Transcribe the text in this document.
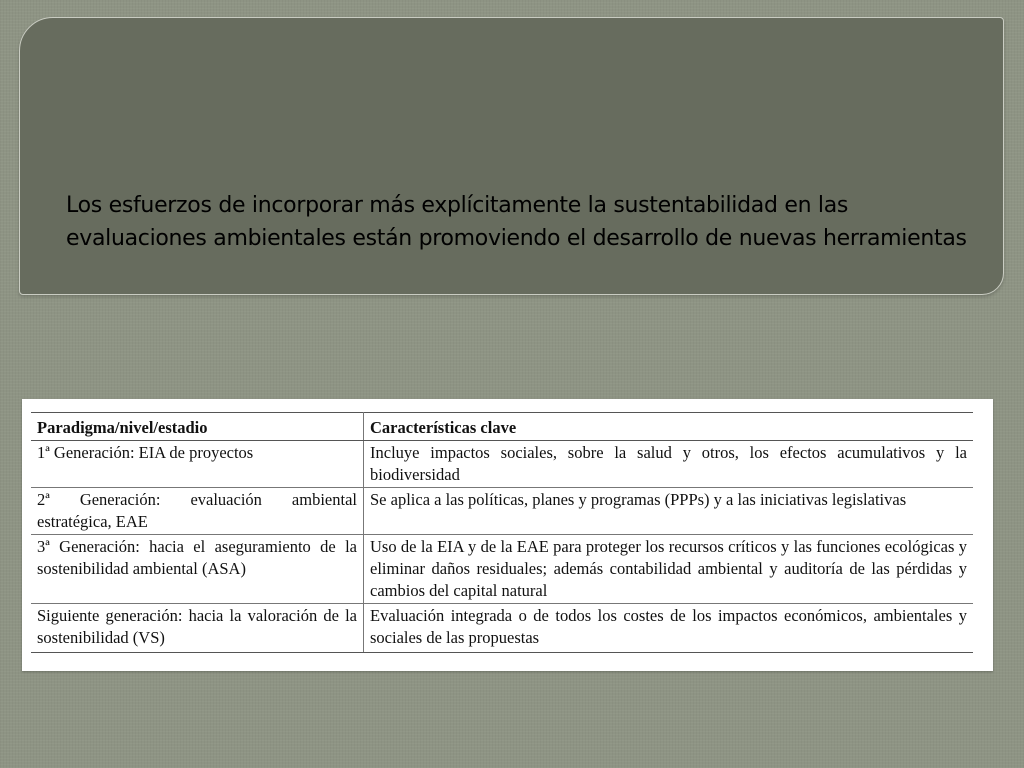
Los esfuerzos de incorporar más explícitamente la sustentabilidad en las evaluaciones ambientales están promoviendo el desarrollo de nuevas herramientas

Paradigma/nivel/estadio	Características clave
1ª Generación: EIA de proyectos	Incluye impactos sociales, sobre la salud y otros, los efectos acumulativos y la biodiversidad
2ª Generación: evaluación ambiental estratégica, EAE	Se aplica a las políticas, planes y programas (PPPs) y a las iniciativas legislativas
3ª Generación: hacia el aseguramiento de la sostenibilidad ambiental (ASA)	Uso de la EIA y de la EAE para proteger los recursos críticos y las funciones ecológicas y eliminar daños residuales; además contabilidad ambiental y auditoría de las pérdidas y cambios del capital natural
Siguiente generación: hacia la valoración de la sostenibilidad (VS)	Evaluación integrada o de todos los costes de los impactos económicos, ambientales y sociales de las propuestas
